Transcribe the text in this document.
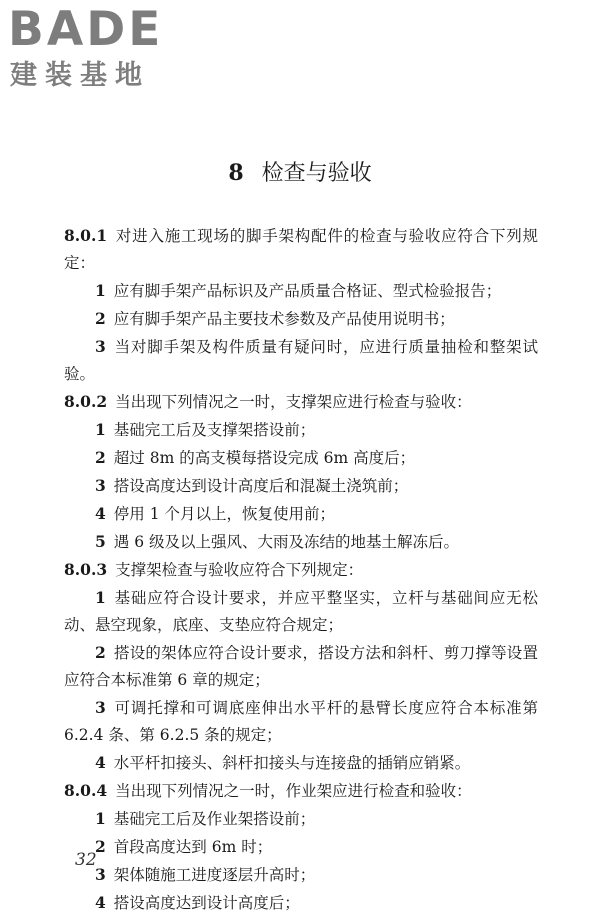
BADE
建装基地
8 检查与验收

8.0.1 对进入施工现场的脚手架构配件的检查与验收应符合下列规定：

1 应有脚手架产品标识及产品质量合格证、型式检验报告；

2 应有脚手架产品主要技术参数及产品使用说明书；

3 当对脚手架及构件质量有疑问时，应进行质量抽检和整架试验。

8.0.2 当出现下列情况之一时，支撑架应进行检查与验收：

1 基础完工后及支撑架搭设前；

2 超过 8m 的高支模每搭设完成 6m 高度后；

3 搭设高度达到设计高度后和混凝土浇筑前；

4 停用 1 个月以上，恢复使用前；

5 遇 6 级及以上强风、大雨及冻结的地基土解冻后。

8.0.3 支撑架检查与验收应符合下列规定：

1 基础应符合设计要求，并应平整坚实，立杆与基础间应无松动、悬空现象，底座、支垫应符合规定；

2 搭设的架体应符合设计要求，搭设方法和斜杆、剪刀撑等设置应符合本标准第 6 章的规定；

3 可调托撑和可调底座伸出水平杆的悬臂长度应符合本标准第 6.2.4 条、第 6.2.5 条的规定；

4 水平杆扣接头、斜杆扣接头与连接盘的插销应销紧。

8.0.4 当出现下列情况之一时，作业架应进行检查和验收：

1 基础完工后及作业架搭设前；

2 首段高度达到 6m 时；

3 架体随施工进度逐层升高时；

4 搭设高度达到设计高度后；

32
